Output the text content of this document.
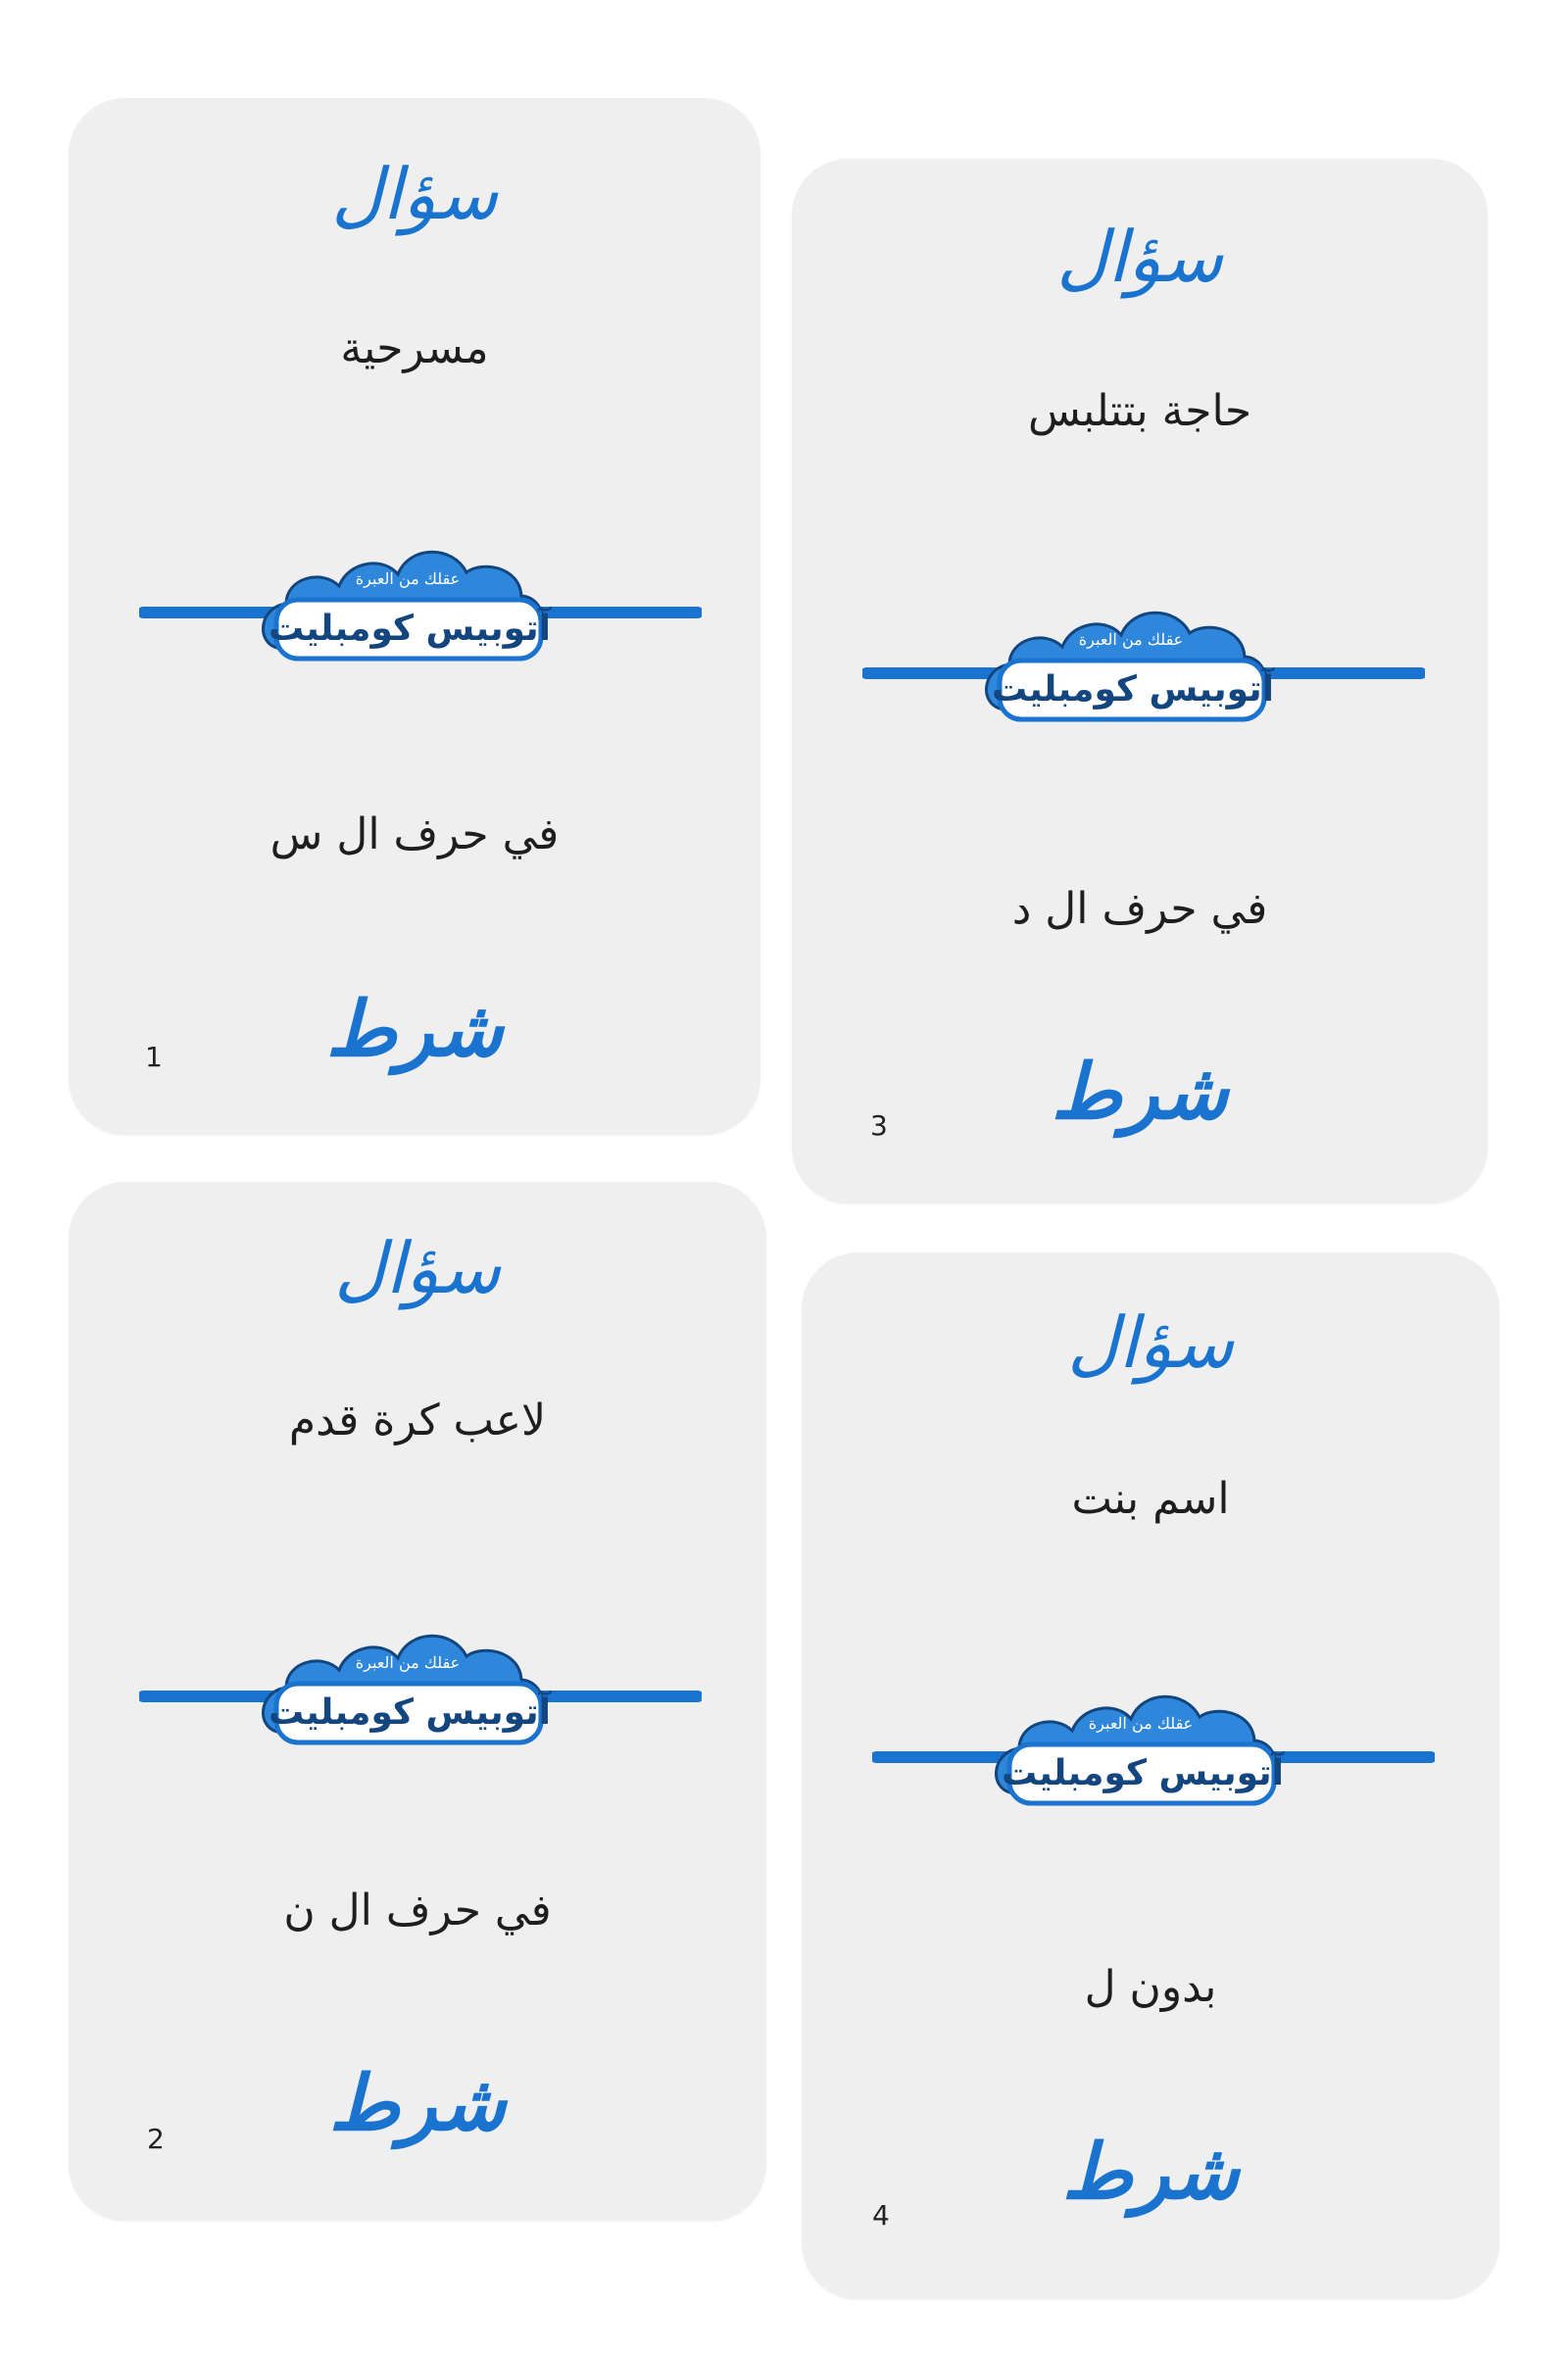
سؤال
مسرحية
عقلك من العبرة
آتوبيس كومبليت
في حرف ال س
شرط
1
سؤال
حاجة بتتلبس
عقلك من العبرة
آتوبيس كومبليت
في حرف ال د
شرط
3
سؤال
لاعب كرة قدم
عقلك من العبرة
آتوبيس كومبليت
في حرف ال ن
شرط
2
سؤال
اسم بنت
عقلك من العبرة
آتوبيس كومبليت
بدون ل
شرط
4
